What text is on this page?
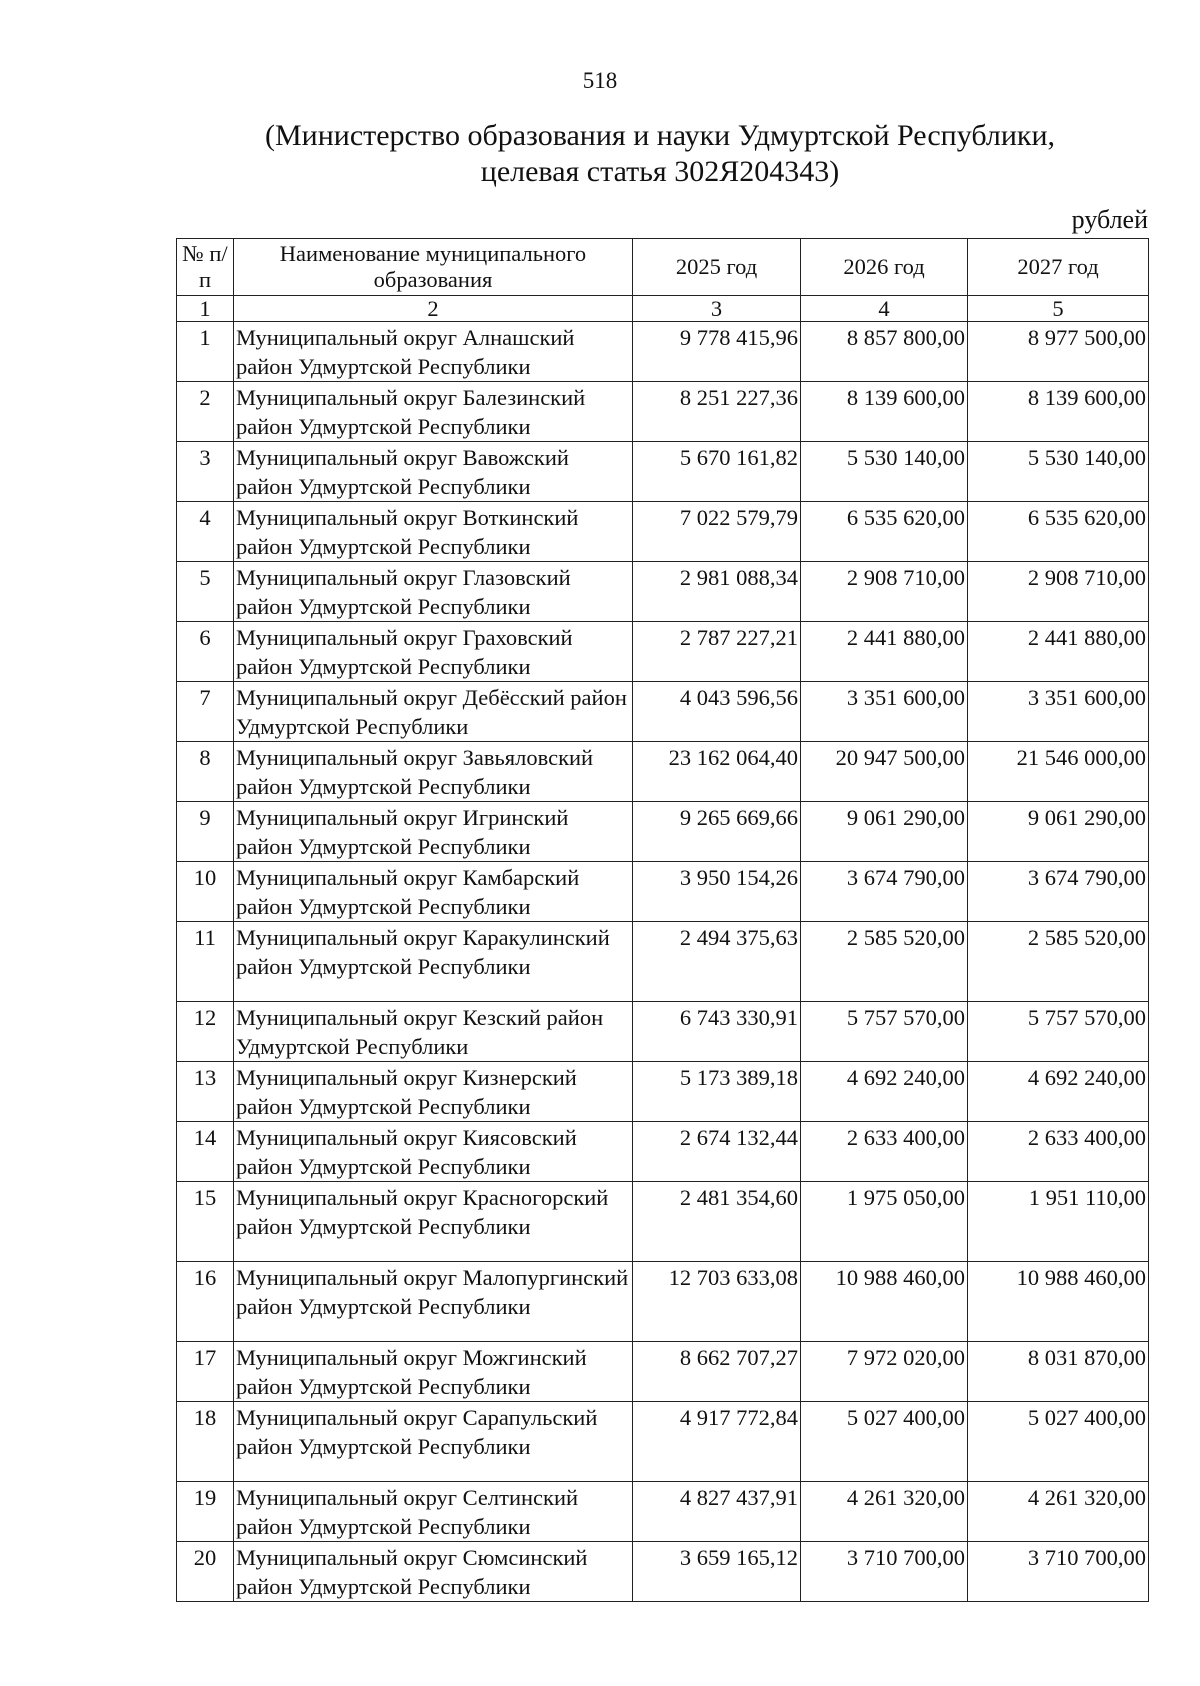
518
(Министерство образования и науки Удмуртской Республики,
целевая статья 302Я204343)
рублей
№ п/п	Наименование муниципального образования	2025 год	2026 год	2027 год
1	2	3	4	5
1	Муниципальный округ Алнашский район Удмуртской Республики	9 778 415,96	8 857 800,00	8 977 500,00
2	Муниципальный округ Балезинский район Удмуртской Республики	8 251 227,36	8 139 600,00	8 139 600,00
3	Муниципальный округ Вавожский район Удмуртской Республики	5 670 161,82	5 530 140,00	5 530 140,00
4	Муниципальный округ Воткинский район Удмуртской Республики	7 022 579,79	6 535 620,00	6 535 620,00
5	Муниципальный округ Глазовский район Удмуртской Республики	2 981 088,34	2 908 710,00	2 908 710,00
6	Муниципальный округ Граховский район Удмуртской Республики	2 787 227,21	2 441 880,00	2 441 880,00
7	Муниципальный округ Дебёсский район Удмуртской Республики	4 043 596,56	3 351 600,00	3 351 600,00
8	Муниципальный округ Завьяловский район Удмуртской Республики	23 162 064,40	20 947 500,00	21 546 000,00
9	Муниципальный округ Игринский район Удмуртской Республики	9 265 669,66	9 061 290,00	9 061 290,00
10	Муниципальный округ Камбарский район Удмуртской Республики	3 950 154,26	3 674 790,00	3 674 790,00
11	Муниципальный округ Каракулинский район Удмуртской Республики	2 494 375,63	2 585 520,00	2 585 520,00
12	Муниципальный округ Кезский район Удмуртской Республики	6 743 330,91	5 757 570,00	5 757 570,00
13	Муниципальный округ Кизнерский район Удмуртской Республики	5 173 389,18	4 692 240,00	4 692 240,00
14	Муниципальный округ Киясовский район Удмуртской Республики	2 674 132,44	2 633 400,00	2 633 400,00
15	Муниципальный округ Красногорский район Удмуртской Республики	2 481 354,60	1 975 050,00	1 951 110,00
16	Муниципальный округ Малопургинский район Удмуртской Республики	12 703 633,08	10 988 460,00	10 988 460,00
17	Муниципальный округ Можгинский район Удмуртской Республики	8 662 707,27	7 972 020,00	8 031 870,00
18	Муниципальный округ Сарапульский район Удмуртской Республики	4 917 772,84	5 027 400,00	5 027 400,00
19	Муниципальный округ Селтинский район Удмуртской Республики	4 827 437,91	4 261 320,00	4 261 320,00
20	Муниципальный округ Сюмсинский район Удмуртской Республики	3 659 165,12	3 710 700,00	3 710 700,00
